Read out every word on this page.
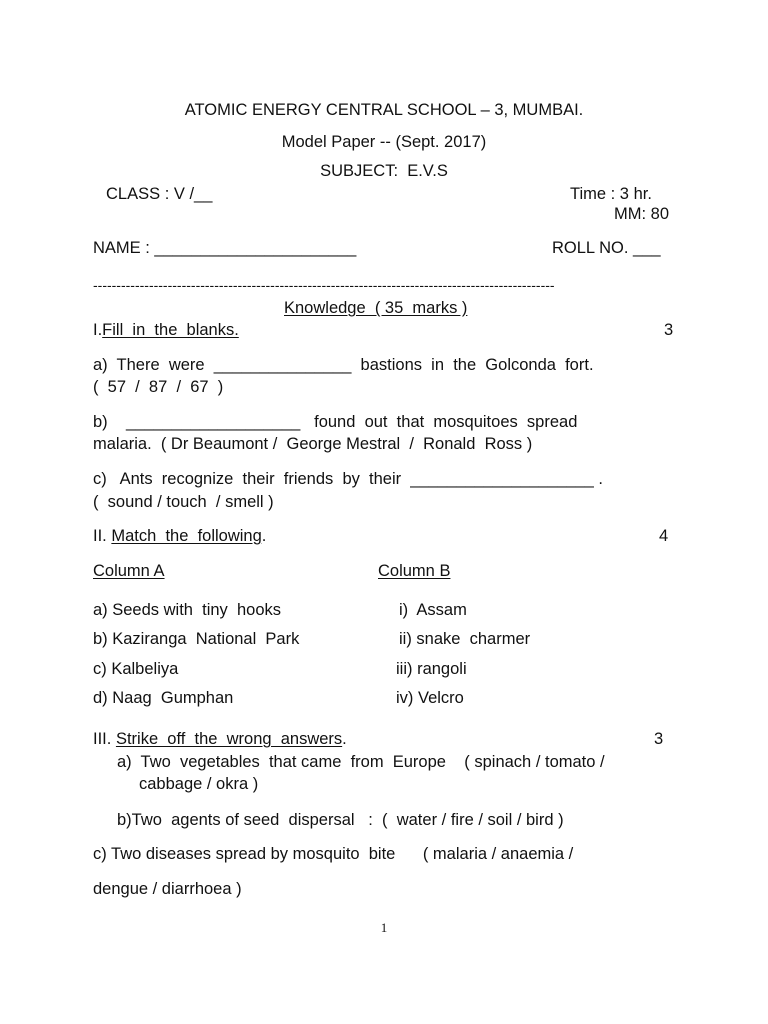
ATOMIC ENERGY CENTRAL SCHOOL – 3, MUMBAI.
Model Paper -- (Sept. 2017)
SUBJECT:  E.V.S
CLASS : V /__	Time : 3 hr.
MM: 80
NAME : ______________________	ROLL NO. ___
---------------------------------------------------------------------------------------------------
Knowledge  ( 35  marks )
I.Fill  in  the  blanks.	3
a)  There  were  _______________  bastions  in  the  Golconda  fort.
(  57  /  87  /  67  )
b)    ___________________   found  out  that  mosquitoes  spread
malaria.  ( Dr Beaumont /  George Mestral  /  Ronald  Ross )
c)   Ants  recognize  their  friends  by  their  ____________________ .
(  sound / touch  / smell )
II. Match  the  following.	4
Column A	Column B
a) Seeds with  tiny  hooks	i)  Assam
b) Kaziranga  National  Park	ii) snake  charmer
c) Kalbeliya	iii) rangoli
d) Naag  Gumphan	iv) Velcro
III. Strike  off  the  wrong  answers.	3
a)  Two  vegetables  that came  from  Europe    ( spinach / tomato /
cabbage / okra )
b)Two  agents of seed  dispersal   :  (  water / fire / soil / bird )
c) Two diseases spread by mosquito  bite      ( malaria / anaemia /
dengue / diarrhoea )
1
